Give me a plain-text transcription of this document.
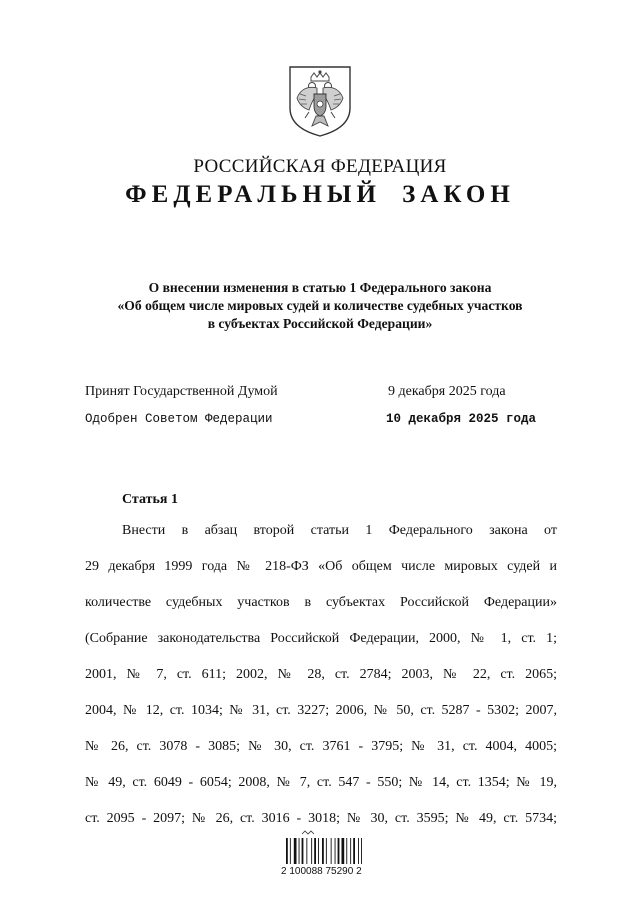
РОССИЙСКАЯ ФЕДЕРАЦИЯ
ФЕДЕРАЛЬНЫЙ ЗАКОН
О внесении изменения в статью 1 Федерального закона
«Об общем числе мировых судей и количестве судебных участков
в субъектах Российской Федерации»
Принят Государственной Думой	9 декабря 2025 года
Одобрен Советом Федерации	10 декабря 2025 года
Статья 1
Внести в абзац второй статьи 1 Федерального закона от
29 декабря 1999 года № 218-ФЗ «Об общем числе мировых судей и
количестве судебных участков в субъектах Российской Федерации»
(Собрание законодательства Российской Федерации, 2000, № 1, ст. 1;
2001, № 7, ст. 611; 2002, № 28, ст. 2784; 2003, № 22, ст. 2065;
2004, № 12, ст. 1034; № 31, ст. 3227; 2006, № 50, ст. 5287 - 5302; 2007,
№ 26, ст. 3078 - 3085; № 30, ст. 3761 - 3795; № 31, ст. 4004, 4005;
№ 49, ст. 6049 - 6054; 2008, № 7, ст. 547 - 550; № 14, ст. 1354; № 19,
ст. 2095 - 2097; № 26, ст. 3016 - 3018; № 30, ст. 3595; № 49, ст. 5734;
2 100088 75290 2
